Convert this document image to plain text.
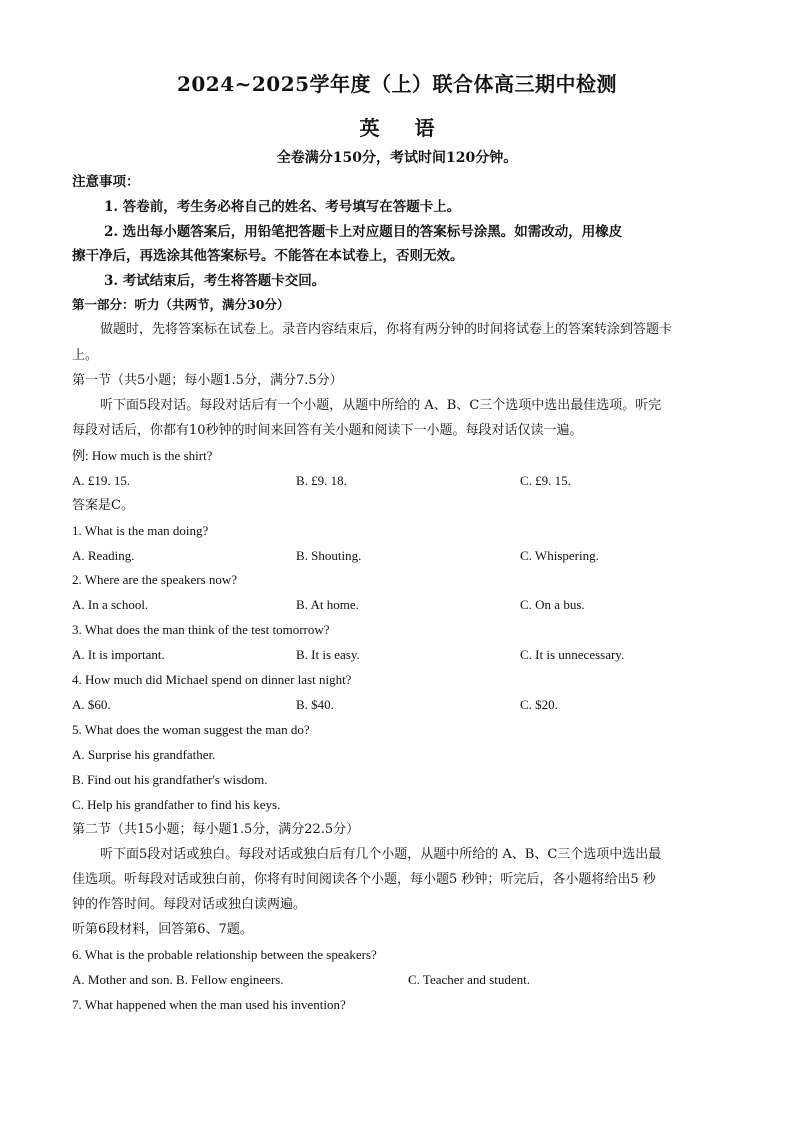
2024~2025学年度（上）联合体高三期中检测
英 语
全卷满分150分，考试时间120分钟。
注意事项：
1. 答卷前，考生务必将自己的姓名、考号填写在答题卡上。
2. 选出每小题答案后，用铅笔把答题卡上对应题目的答案标号涂黑。如需改动，用橡皮
擦干净后，再选涂其他答案标号。不能答在本试卷上，否则无效。
3. 考试结束后，考生将答题卡交回。
第一部分：听力（共两节，满分30分）
做题时，先将答案标在试卷上。录音内容结束后，你将有两分钟的时间将试卷上的答案转涂到答题卡
上。
第一节（共5小题；每小题1.5分，满分7.5分）
听下面5段对话。每段对话后有一个小题，从题中所给的 A、B、C三个选项中选出最佳选项。听完
每段对话后，你都有10秒钟的时间来回答有关小题和阅读下一小题。每段对话仅读一遍。
例: How much is the shirt?
A. £19. 15.	B. £9. 18.	C. £9. 15.
答案是C。
1. What is the man doing?
A. Reading.	B. Shouting.	C. Whispering.
2. Where are the speakers now?
A. In a school.	B. At home.	C. On a bus.
3. What does the man think of the test tomorrow?
A. It is important.	B. It is easy.	C. It is unnecessary.
4. How much did Michael spend on dinner last night?
A. $60.	B. $40.	C. $20.
5. What does the woman suggest the man do?
A. Surprise his grandfather.
B. Find out his grandfather's wisdom.
C. Help his grandfather to find his keys.
第二节（共15小题；每小题1.5分，满分22.5分）
听下面5段对话或独白。每段对话或独白后有几个小题，从题中所给的 A、B、C三个选项中选出最
佳选项。听每段对话或独白前，你将有时间阅读各个小题，每小题5 秒钟；听完后，各小题将给出5 秒
钟的作答时间。每段对话或独白读两遍。
听第6段材料，回答第6、7题。
6. What is the probable relationship between the speakers?
A. Mother and son. B. Fellow engineers.	C. Teacher and student.
7. What happened when the man used his invention?
